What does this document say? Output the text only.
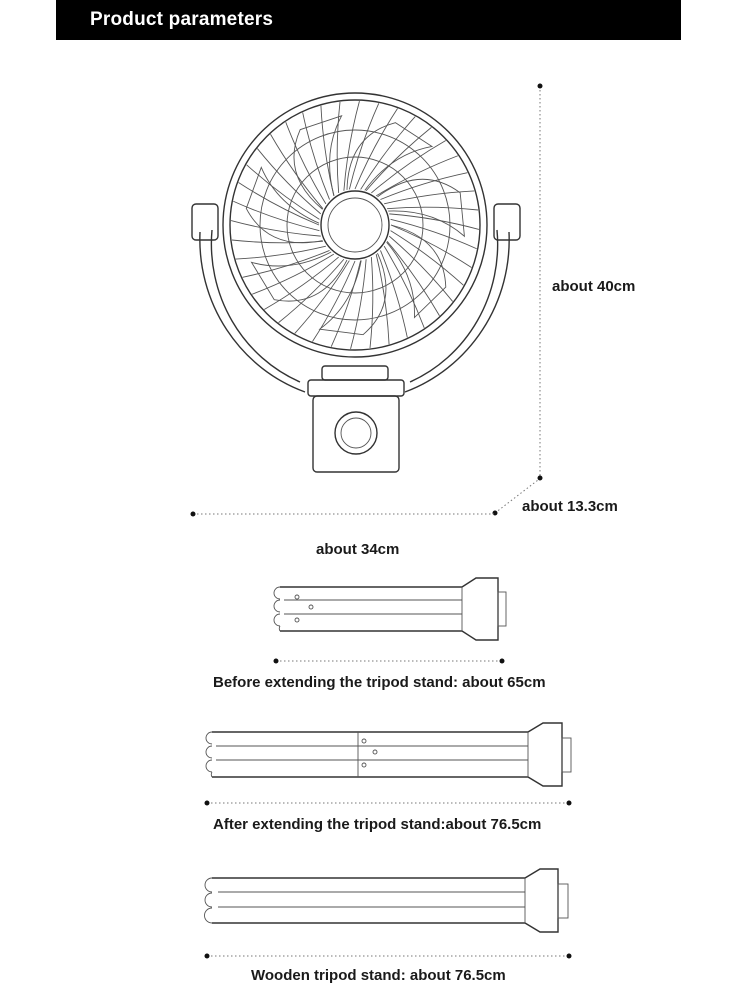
Product parameters
about 40cm
about 13.3cm
about 34cm
Before extending the tripod stand: about 65cm
After extending the tripod stand:about 76.5cm
Wooden tripod stand: about 76.5cm
